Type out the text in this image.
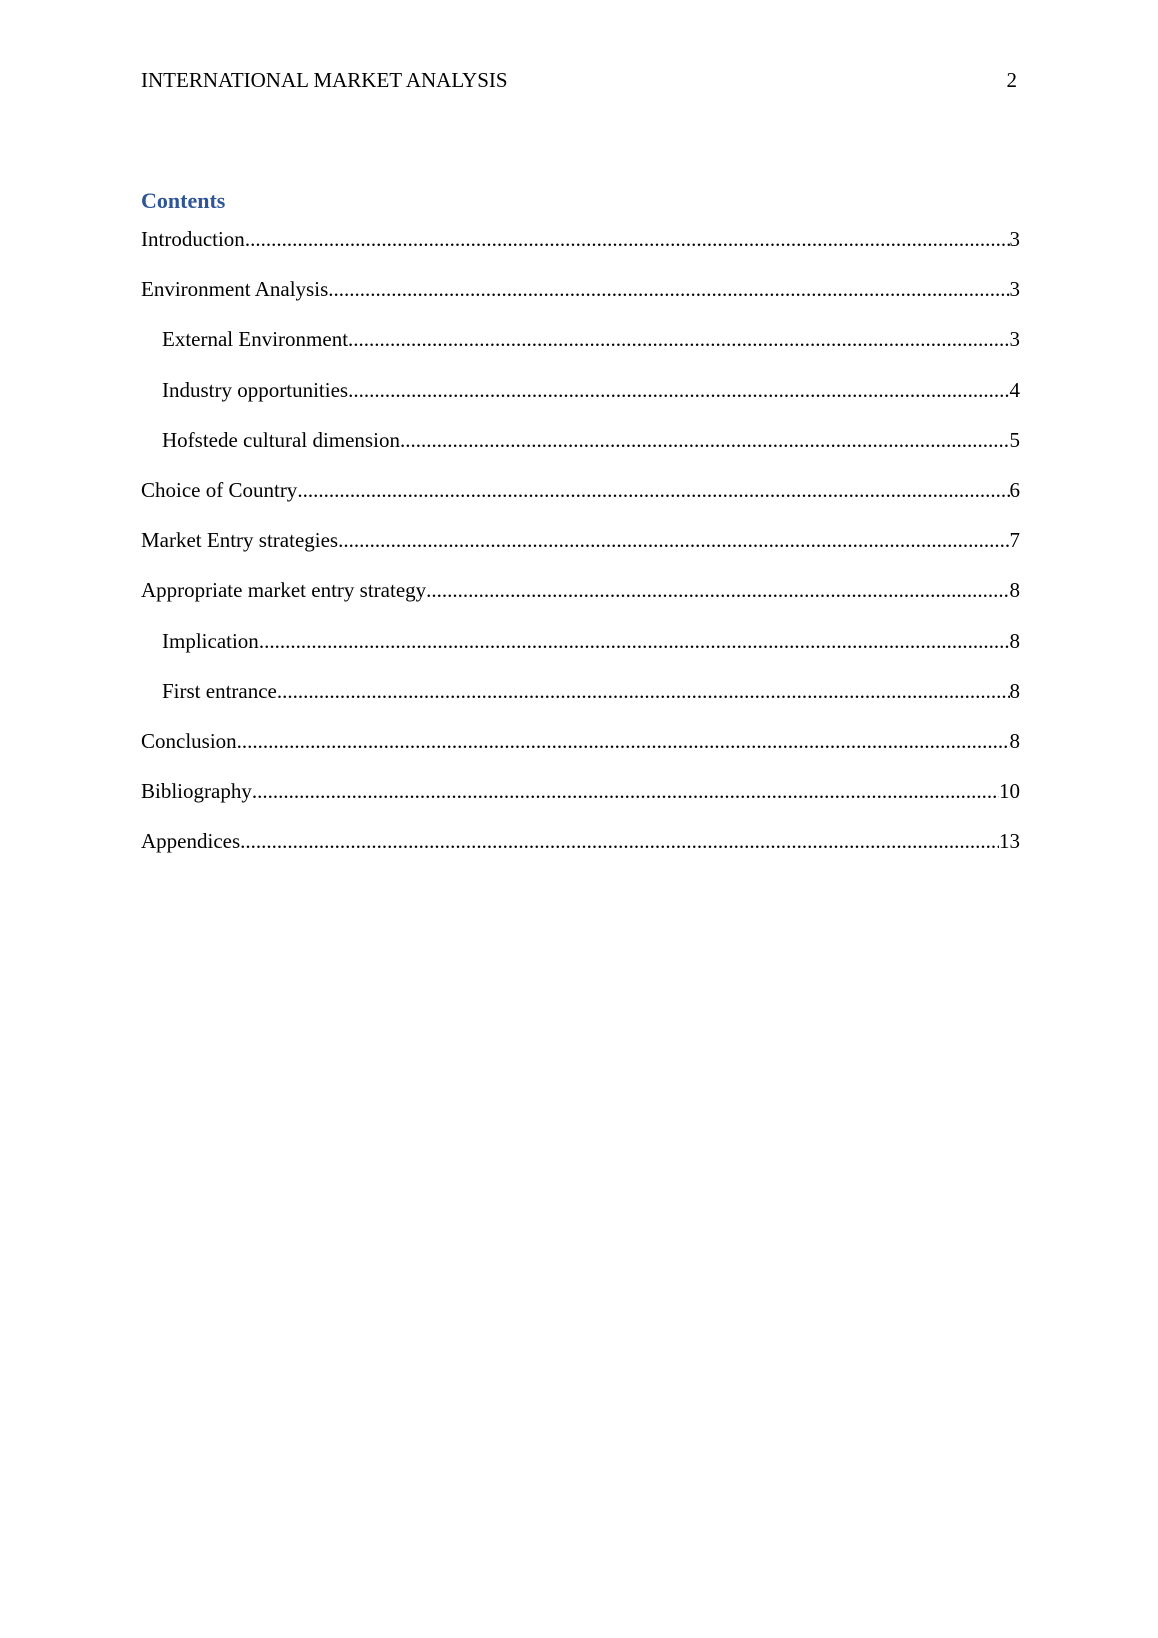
INTERNATIONAL MARKET ANALYSIS	2
Contents
Introduction .....	3
Environment Analysis .....	3
External Environment .....	3
Industry opportunities .....	4
Hofstede cultural dimension .....	5
Choice of Country .....	6
Market Entry strategies .....	7
Appropriate market entry strategy .....	8
Implication .....	8
First entrance .....	8
Conclusion .....	8
Bibliography .....	10
Appendices .....	13
